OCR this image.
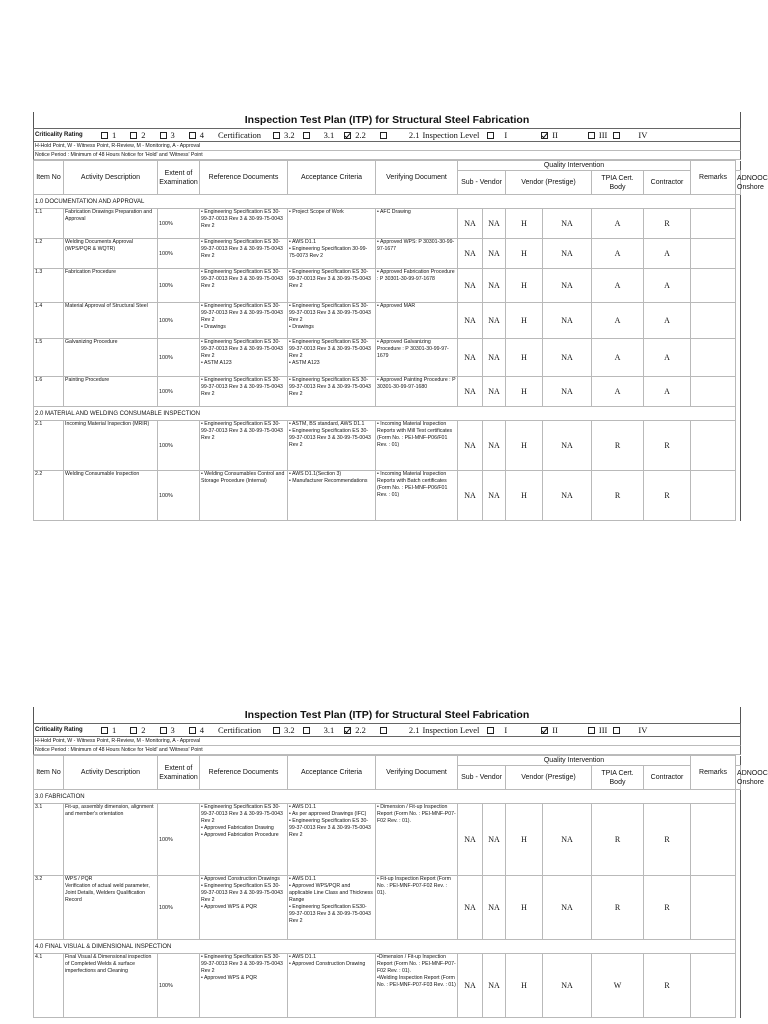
Inspection Test Plan (ITP) for Structural Steel Fabrication
Criticality Rating	1	2	3	4 Certification	3.2	3.1 2.2	2.1 Inspection Level	I	II	III	IV
H-Hold Point, W - Witness Point, R-Review, M - Monitoring, A - Approval
Notice Period : Minimum of 48 Hours Notice for 'Hold' and 'Witness' Point
Item No	Activity Description	Extent of Examination	Reference Documents	Acceptance Criteria	Verifying Document	Quality Intervention						Remarks	
						Sub - Vendor		Vendor (Prestige)		TPIA Cert. Body	Contractor		ADNOOC Onshore
1.0 DOCUMENTATION AND APPROVAL													
1.1	Fabrication Drawings Preparation and Approval	100%	• Engineering Specification ES 30-99-37-0013 Rev 3 & 30-99-75-0043 Rev 2	• Project Scope of Work	• AFC Drawing	NA	NA	H	NA	A	R		
1.2	Welding Documents Approval (WPS/PQR & WQTR)	100%	• Engineering Specification ES 30-99-37-0013 Rev 3 & 30-99-75-0043 Rev 2	• AWS D1.1
• Engineering Specification 30-99-75-0073 Rev 2	• Approved WPS: P 30301-30-99-97-1677	NA	NA	H	NA	A	A		
1.3	Fabrication Procedure	100%	• Engineering Specification ES 30-99-37-0013 Rev 3 & 30-99-75-0043 Rev 2	• Engineering Specification ES 30-99-37-0013 Rev 3 & 30-99-75-0043 Rev 2	• Approved Fabrication Procedure : P 30301-30-99-97-1678	NA	NA	H	NA	A	A		
1.4	Material Approval of Structural Steel	100%	• Engineering Specification ES 30-99-37-0013 Rev 3 & 30-99-75-0043 Rev 2
• Drawings	• Engineering Specification ES 30-99-37-0013 Rev 3 & 30-99-75-0043 Rev 2
• Drawings	• Approved MAR	NA	NA	H	NA	A	A		
1.5	Galvanizing Procedure	100%	• Engineering Specification ES 30-99-37-0013 Rev 3 & 30-99-75-0043 Rev 2
• ASTM A123	• Engineering Specification ES 30-99-37-0013 Rev 3 & 30-99-75-0043 Rev 2
• ASTM A123	• Approved Galvanizing Procedure : P 30301-30-99-97-1679	NA	NA	H	NA	A	A		
1.6	Painting Procedure	100%	• Engineering Specification ES 30-99-37-0013 Rev 3 & 30-99-75-0043 Rev 2	• Engineering Specification ES 30-99-37-0013 Rev 3 & 30-99-75-0043 Rev 2	• Approved Painting Procedure : P 30301-30-99-97-1680	NA	NA	H	NA	A	A		
2.0 MATERIAL AND WELDING CONSUMABLE INSPECTION													
2.1	Incoming Material Inspection (MRIR)	100%	• Engineering Specification ES 30-99-37-0013 Rev 3 & 30-99-75-0043 Rev 2	• ASTM, BS standard, AWS D1.1
• Engineering Specification ES 30-99-37-0013 Rev 3 & 30-99-75-0043 Rev 2	• Incoming Material Inspection Reports with Mill Test certificates (Form No. : PEI-MNF-P06/F01 Rev. : 01)	NA	NA	H	NA	R	R		
2.2	Welding Consumable Inspection	100%	• Welding Consumables Control and Storage Procedure (Internal)	• AWS D1.1(Section 3)
• Manufacturer Recommendations	• Incoming Material Inspection Reports with Batch certificates (Form No. : PEI-MNF-P06/F01 Rev. : 01)	NA	NA	H	NA	R	R		
Inspection Test Plan (ITP) for Structural Steel Fabrication
Criticality Rating	1	2	3	4 Certification	3.2	3.1 2.2	2.1 Inspection Level	I	II	III	IV
H-Hold Point, W - Witness Point, R-Review, M - Monitoring, A - Approval
Notice Period : Minimum of 48 Hours Notice for 'Hold' and 'Witness' Point
Item No	Activity Description	Extent of Examination	Reference Documents	Acceptance Criteria	Verifying Document	Quality Intervention						Remarks	
						Sub - Vendor		Vendor (Prestige)		TPIA Cert. Body	Contractor		ADNOOC Onshore
3.0 FABRICATION													
3.1	Fit-up, assembly dimension, alignment and member's orientation	100%	• Engineering Specification ES 30-99-37-0013 Rev 3 & 30-99-75-0043 Rev 2
• Approved Fabrication Drawing
• Approved Fabrication Procedure	• AWS D1.1
• As per approved Drawings (IFC)
• Engineering Specification ES 30-99-37-0013 Rev 3 & 30-99-75-0043 Rev 2	• Dimension / Fit-up Inspection Report (Form No. : PEI-MNF-P07-F02 Rev. : 01).	NA	NA	H	NA	R	R		
3.2	WPS / PQR
Verification of actual weld parameter, Joint Details, Welders Qualification Record	100%	• Approved Construction Drawings
• Engineering Specification ES 30-99-37-0013 Rev 3 & 30-99-75-0043 Rev 2
• Approved WPS & PQR	• AWS D1.1
• Approved WPS/PQR and applicable Line Class and Thickness Range
• Engineering Specification ES30-99-37-0013 Rev 3 & 30-99-75-0043 Rev 2	• Fit-up Inspection Report (Form No. : PEI-MNF-P07-F02 Rev. : 01).	NA	NA	H	NA	R	R		
4.0 FINAL VISUAL & DIMENSIONAL INSPECTION													
4.1	Final Visual & Dimensional inspection of Completed Welds & surface imperfections and Cleaning	100%	• Engineering Specification ES 30-99-37-0013 Rev 3 & 30-99-75-0043 Rev 2
• Approved WPS & PQR	• AWS D1.1
• Approved Construction Drawing	•Dimension / Fit-up Inspection Report (Form No. : PEI-MNF-P07-F02 Rev. : 01).
•Welding Inspection Report (Form No. : PEI-MNF-P07-F03 Rev. : 01)	NA	NA	H	NA	W	R		
